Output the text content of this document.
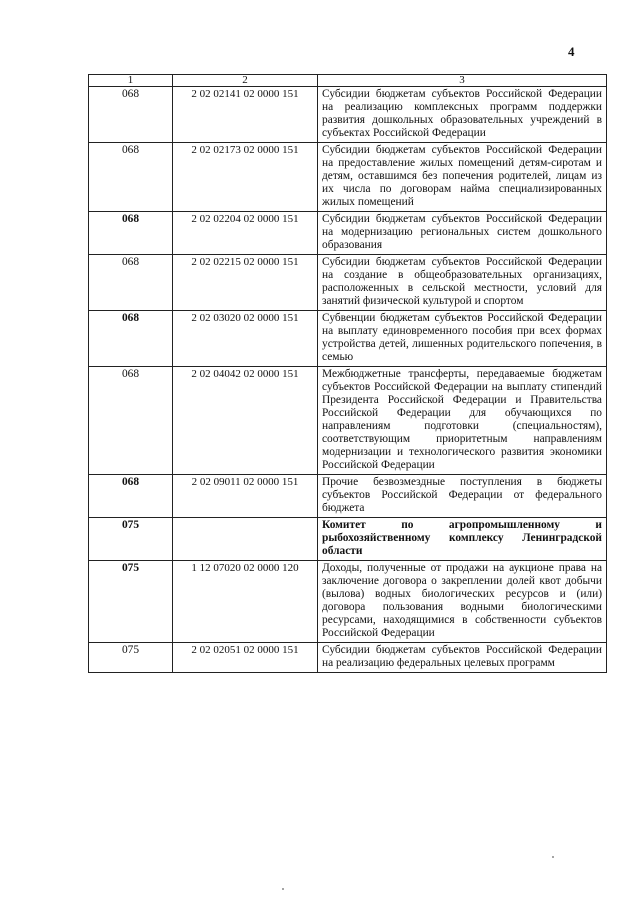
4
1	2	3
068	2 02 02141 02 0000 151	Субсидии бюджетам субъектов Российской Федерации на реализацию комплексных программ поддержки развития дошкольных образовательных учреждений в субъектах Российской Федерации
068	2 02 02173 02 0000 151	Субсидии бюджетам субъектов Российской Федерации на предоставление жилых помещений детям-сиротам и детям, оставшимся без попечения родителей, лицам из их числа по договорам найма специализированных жилых помещений
068	2 02 02204 02 0000 151	Субсидии бюджетам субъектов Российской Федерации на модернизацию региональных систем дошкольного образования
068	2 02 02215 02 0000 151	Субсидии бюджетам субъектов Российской Федерации на создание в общеобразовательных организациях, расположенных в сельской местности, условий для занятий физической культурой и спортом
068	2 02 03020 02 0000 151	Субвенции бюджетам субъектов Российской Федерации на выплату единовременного пособия при всех формах устройства детей, лишенных родительского попечения, в семью
068	2 02 04042 02 0000 151	Межбюджетные трансферты, передаваемые бюджетам субъектов Российской Федерации на выплату стипендий Президента Российской Федерации и Правительства Российской Федерации для обучающихся по направлениям подготовки (специальностям), соответствующим приоритетным направлениям модернизации и технологического развития экономики Российской Федерации
068	2 02 09011 02 0000 151	Прочие безвозмездные поступления в бюджеты субъектов Российской Федерации от федерального бюджета
075		Комитет по агропромышленному и рыбохозяйственному комплексу Ленинградской области
075	1 12 07020 02 0000 120	Доходы, полученные от продажи на аукционе права на заключение договора о закреплении долей квот добычи (вылова) водных биологических ресурсов и (или) договора пользования водными биологическими ресурсами, находящимися в собственности субъектов Российской Федерации
075	2 02 02051 02 0000 151	Субсидии бюджетам субъектов Российской Федерации на реализацию федеральных целевых программ
